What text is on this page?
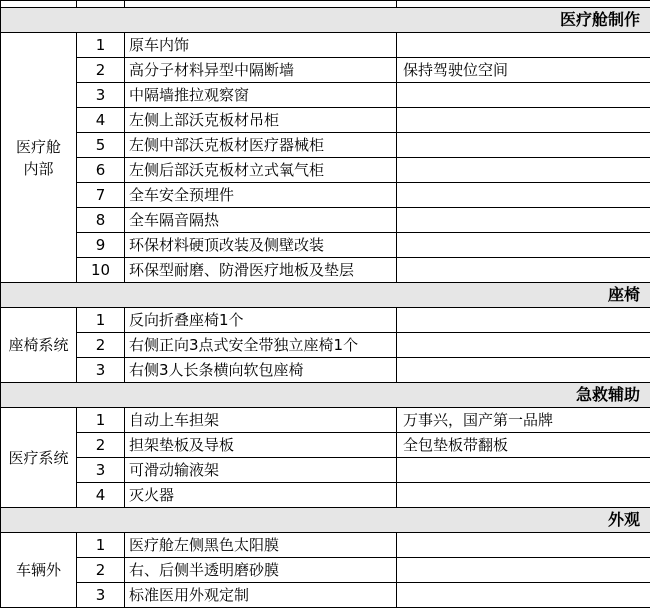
医疗舱制作			
医疗舱
内部	1	原车内饰	
	2	高分子材料异型中隔断墙	保持驾驶位空间
	3	中隔墙推拉观察窗	
	4	左侧上部沃克板材吊柜	
	5	左侧中部沃克板材医疗器械柜	
	6	左侧后部沃克板材立式氧气柜	
	7	全车安全预埋件	
	8	全车隔音隔热	
	9	环保材料硬顶改装及侧壁改装	
	10	环保型耐磨、防滑医疗地板及垫层	
座椅			
座椅系统	1	反向折叠座椅1个	
	2	右侧正向3点式安全带独立座椅1个	
	3	右侧3人长条横向软包座椅	
急救辅助			
医疗系统	1	自动上车担架	万事兴，国产第一品牌
	2	担架垫板及导板	全包垫板带翻板
	3	可滑动输液架	
	4	灭火器	
外观			
车辆外	1	医疗舱左侧黑色太阳膜	
	2	右、后侧半透明磨砂膜	
	3	标准医用外观定制	
